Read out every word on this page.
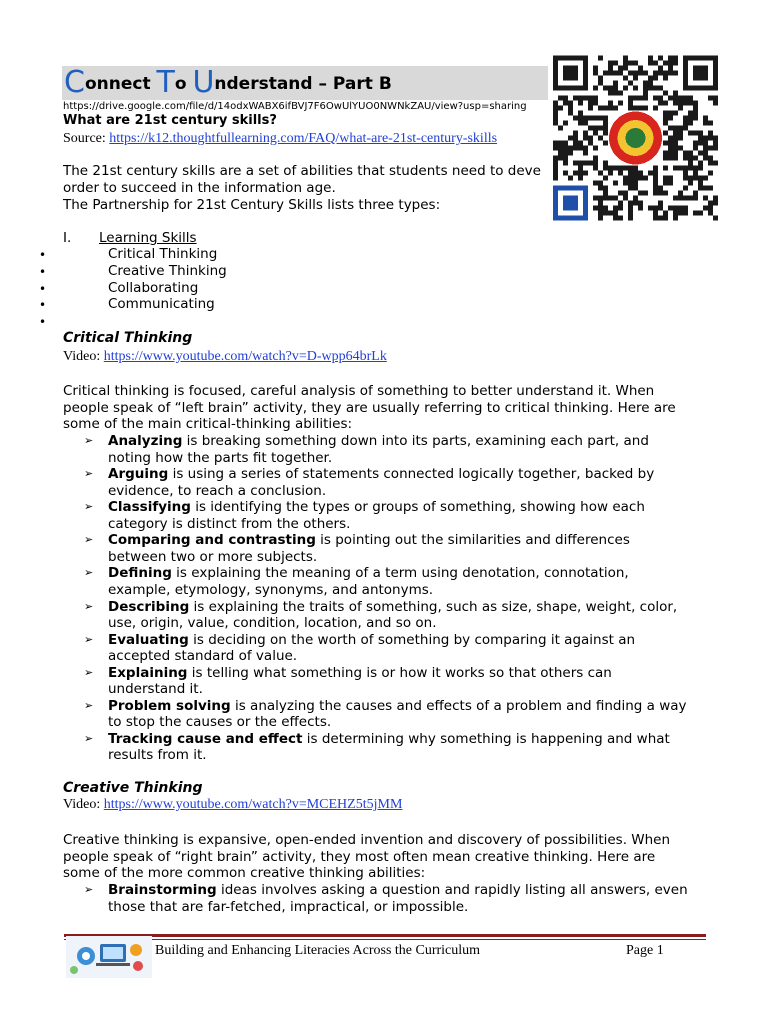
Connect To Understand – Part B
https://drive.google.com/file/d/14odxWABX6ifBVJ7F6OwUlYUO0NWNkZAU/view?usp=sharing
What are 21st century skills?
Source: https://k12.thoughtfullearning.com/FAQ/what-are-21st-century-skills
The 21st century skills are a set of abilities that students need to deve
order to succeed in the information age.
The Partnership for 21st Century Skills lists three types:
I. Learning Skills
•	Critical Thinking
•	Creative Thinking
•	Collaborating
•	Communicating
•
Critical Thinking
Video: https://www.youtube.com/watch?v=D-wpp64brLk
Critical thinking is focused, careful analysis of something to better understand it. When
people speak of “left brain” activity, they are usually referring to critical thinking. Here are
some of the main critical-thinking abilities:
➢ Analyzing is breaking something down into its parts, examining each part, and
noting how the parts fit together.
➢ Arguing is using a series of statements connected logically together, backed by
evidence, to reach a conclusion.
➢ Classifying is identifying the types or groups of something, showing how each
category is distinct from the others.
➢ Comparing and contrasting is pointing out the similarities and differences
between two or more subjects.
➢ Defining is explaining the meaning of a term using denotation, connotation,
example, etymology, synonyms, and antonyms.
➢ Describing is explaining the traits of something, such as size, shape, weight, color,
use, origin, value, condition, location, and so on.
➢ Evaluating is deciding on the worth of something by comparing it against an
accepted standard of value.
➢ Explaining is telling what something is or how it works so that others can
understand it.
➢ Problem solving is analyzing the causes and effects of a problem and finding a way
to stop the causes or the effects.
➢ Tracking cause and effect is determining why something is happening and what
results from it.
Creative Thinking
Video: https://www.youtube.com/watch?v=MCEHZ5t5jMM
Creative thinking is expansive, open-ended invention and discovery of possibilities. When
people speak of “right brain” activity, they most often mean creative thinking. Here are
some of the more common creative thinking abilities:
➢ Brainstorming ideas involves asking a question and rapidly listing all answers, even
those that are far-fetched, impractical, or impossible.
Building and Enhancing Literacies Across the Curriculum	Page 1
